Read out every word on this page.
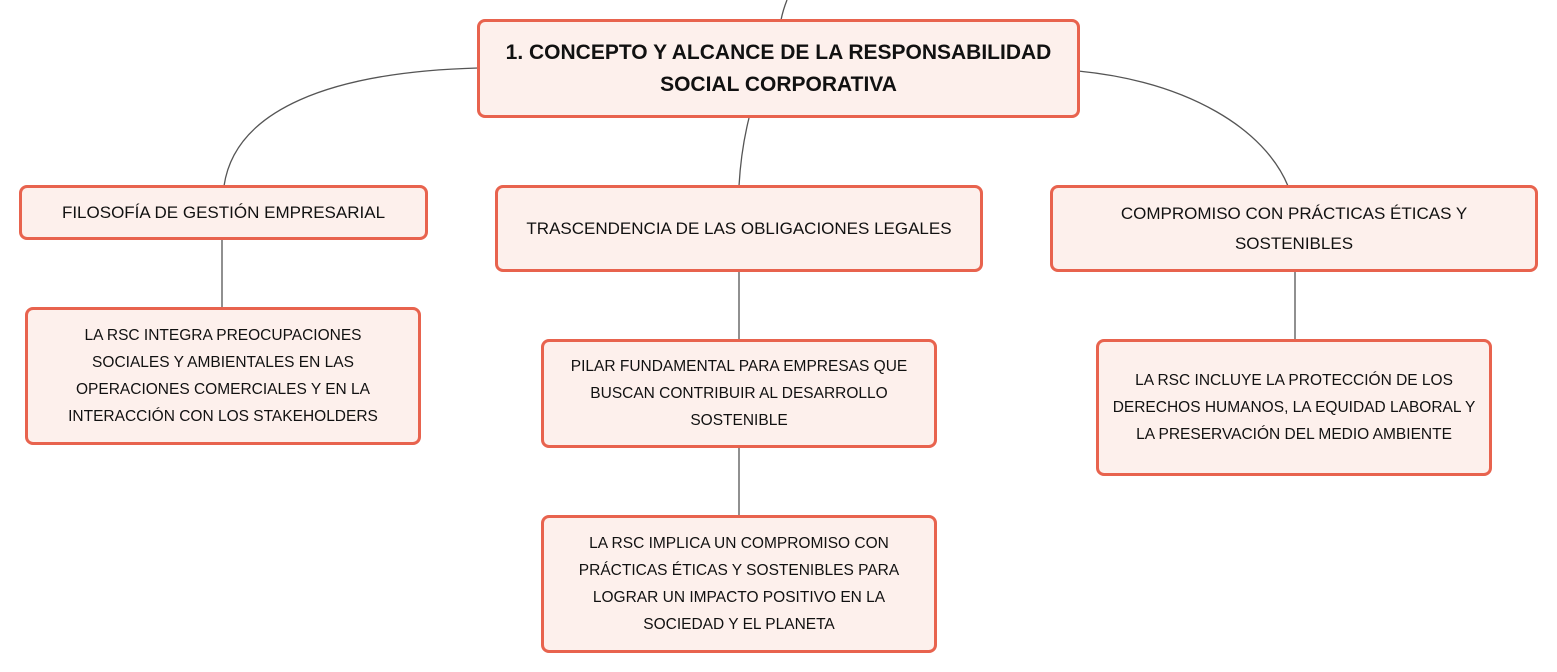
1. CONCEPTO Y ALCANCE DE LA RESPONSABILIDAD SOCIAL CORPORATIVA
FILOSOFÍA DE GESTIÓN EMPRESARIAL
TRASCENDENCIA DE LAS OBLIGACIONES LEGALES
COMPROMISO CON PRÁCTICAS ÉTICAS Y SOSTENIBLES
LA RSC INTEGRA PREOCUPACIONES SOCIALES Y AMBIENTALES EN LAS OPERACIONES COMERCIALES Y EN LA INTERACCIÓN CON LOS STAKEHOLDERS
PILAR FUNDAMENTAL PARA EMPRESAS QUE BUSCAN CONTRIBUIR AL DESARROLLO SOSTENIBLE
LA RSC IMPLICA UN COMPROMISO CON PRÁCTICAS ÉTICAS Y SOSTENIBLES PARA LOGRAR UN IMPACTO POSITIVO EN LA SOCIEDAD Y EL PLANETA
LA RSC INCLUYE LA PROTECCIÓN DE LOS DERECHOS HUMANOS, LA EQUIDAD LABORAL Y LA PRESERVACIÓN DEL MEDIO AMBIENTE
